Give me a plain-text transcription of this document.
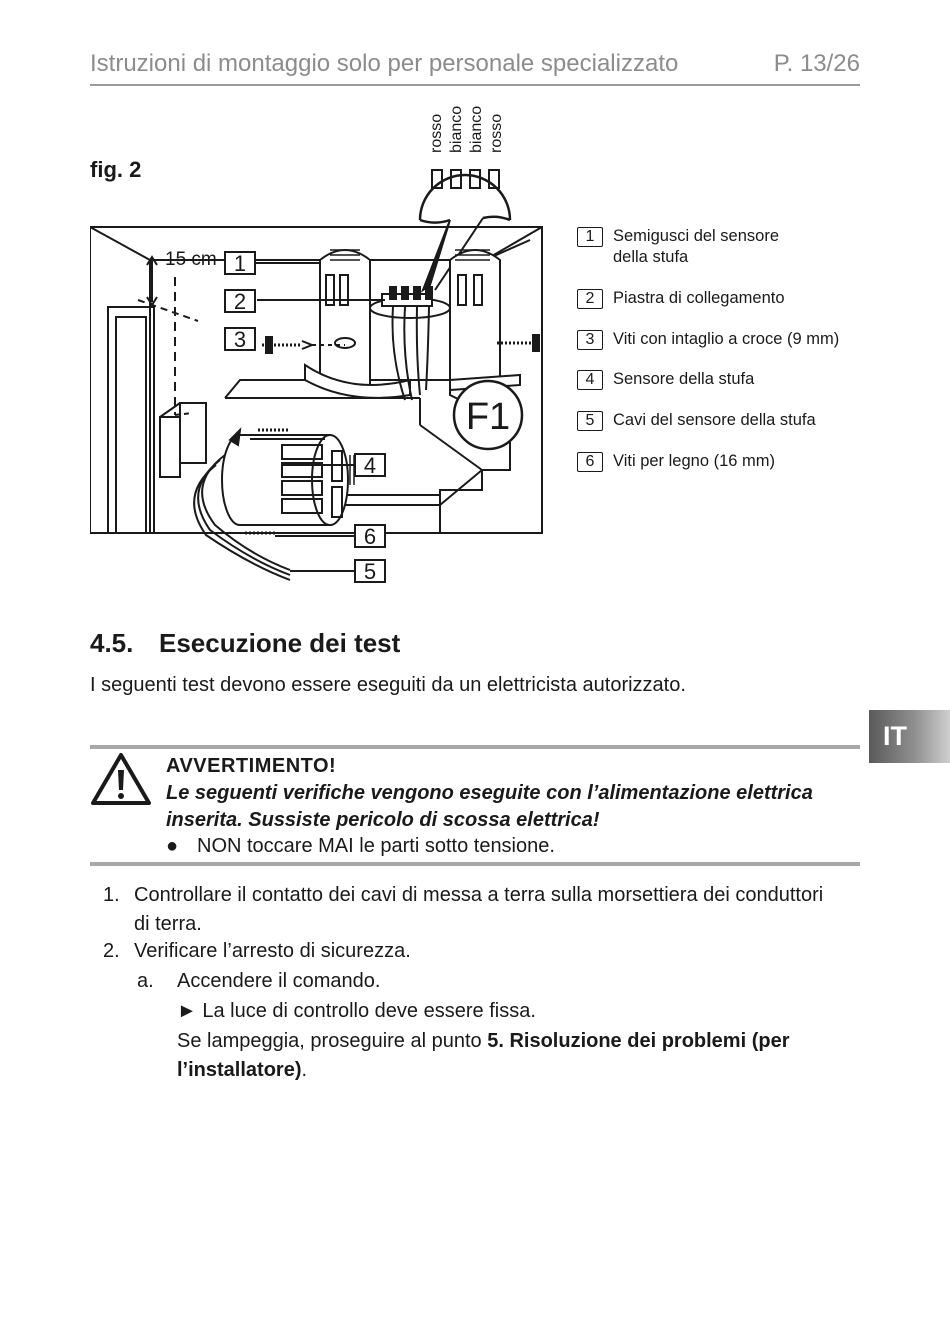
Istruzioni di montaggio solo per personale specializzato	P. 13/26
fig. 2
rosso bianco bianco rosso
15 cm 1
2
3
4
6
5
F1
1	Semigusci del sensore
della stufa
2	Piastra di collegamento
3	Viti con intaglio a croce (9 mm)
4	Sensore della stufa
5	Cavi del sensore della stufa
6	Viti per legno (16 mm)
4.5. Esecuzione dei test
I seguenti test devono essere eseguiti da un elettricista autorizzato.
IT
AVVERTIMENTO!
Le seguenti verifiche vengono eseguite con l’alimentazione elettrica inserita. Sussiste pericolo di scossa elettrica!
● NON toccare MAI le parti sotto tensione.
1. Controllare il contatto dei cavi di messa a terra sulla morsettiera dei conduttori di terra.
2. Verificare l’arresto di sicurezza.
a. Accendere il comando.
► La luce di controllo deve essere fissa.
Se lampeggia, proseguire al punto 5. Risoluzione dei problemi (per l’installatore).
